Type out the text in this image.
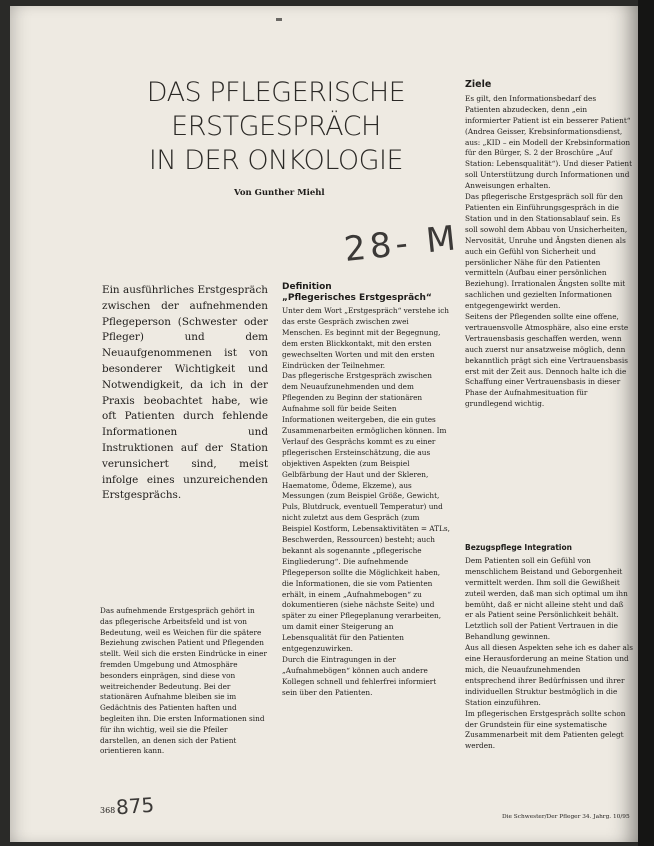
DAS PFLEGERISCHE
ERSTGESPRÄCH
IN DER ONKOLOGIE
Von Gunther Miehl
28- M
Ein ausführliches Erstgespräch zwischen der aufnehmenden Pflegeperson (Schwester oder Pfleger) und dem Neuaufgenommenen ist von besonderer Wichtigkeit und Notwendigkeit, da ich in der Praxis beobachtet habe, wie oft Patienten durch fehlende Informationen und Instruktionen auf der Station verunsichert sind, meist infolge eines unzureichenden Erstgesprächs.
Das aufnehmende Erstgespräch gehört in das pflegerische Arbeitsfeld und ist von Bedeutung, weil es Weichen für die spätere Beziehung zwischen Patient und Pflegenden stellt. Weil sich die ersten Eindrücke in einer fremden Umgebung und Atmosphäre besonders einprägen, sind diese von weitreichender Bedeutung. Bei der stationären Aufnahme bleiben sie im Gedächtnis des Patienten haften und begleiten ihn. Die ersten Informationen sind für ihn wichtig, weil sie die Pfeiler darstellen, an denen sich der Patient orientieren kann.
Definition
„Pflegerisches Erstgespräch“
Unter dem Wort „Erstgespräch“ verstehe ich das erste Gespräch zwischen zwei Menschen. Es beginnt mit der Begegnung, dem ersten Blickkontakt, mit den ersten gewechselten Worten und mit den ersten Eindrücken der Teilnehmer.
Das pflegerische Erstgespräch zwischen dem Neuaufzunehmenden und dem Pflegenden zu Beginn der stationären Aufnahme soll für beide Seiten Informationen weitergeben, die ein gutes Zusammenarbeiten ermöglichen können. Im Verlauf des Gesprächs kommt es zu einer pflegerischen Ersteinschätzung, die aus objektiven Aspekten (zum Beispiel Gelbfärbung der Haut und der Skleren, Haematome, Ödeme, Ekzeme), aus Messungen (zum Beispiel Größe, Gewicht, Puls, Blutdruck, eventuell Temperatur) und nicht zuletzt aus dem Gespräch (zum Beispiel Kostform, Lebensaktivitäten = ATLs, Beschwerden, Ressourcen) besteht; auch bekannt als sogenannte „pflegerische Eingliederung“. Die aufnehmende Pflegeperson sollte die Möglichkeit haben, die Informationen, die sie vom Patienten erhält, in einem „Aufnahmebogen“ zu dokumentieren (siehe nächste Seite) und später zu einer Pflegeplanung verarbeiten, um damit einer Steigerung an Lebensqualität für den Patienten entgegenzuwirken.
Durch die Eintragungen in der „Aufnahmebögen“ können auch andere Kollegen schnell und fehlerfrei informiert sein über den Patienten.
Ziele
Es gilt, den Informationsbedarf des Patienten abzudecken, denn „ein informierter Patient ist ein besserer Patient“ (Andrea Geisser, Krebsinformationsdienst, aus: „KID – ein Modell der Krebsinformation für den Bürger, S. 2 der Broschüre „Auf Station: Lebensqualität“). Und dieser Patient soll Unterstützung durch Informationen und Anweisungen erhalten.
Das pflegerische Erstgespräch soll für den Patienten ein Einführungsgespräch in die Station und in den Stationsablauf sein. Es soll sowohl dem Abbau von Unsicherheiten, Nervosität, Unruhe und Ängsten dienen als auch ein Gefühl von Sicherheit und persönlicher Nähe für den Patienten vermitteln (Aufbau einer persönlichen Beziehung). Irrationalen Ängsten sollte mit sachlichen und gezielten Informationen entgegengewirkt werden.
Seitens der Pflegenden sollte eine offene, vertrauensvolle Atmosphäre, also eine erste Vertrauensbasis geschaffen werden, wenn auch zuerst nur ansatzweise möglich, denn bekanntlich prägt sich eine Vertrauensbasis erst mit der Zeit aus. Dennoch halte ich die Schaffung einer Vertrauensbasis in dieser Phase der Aufnahmesituation für grundlegend wichtig.
Bezugspflege Integration
Dem Patienten soll ein Gefühl von menschlichem Beistand und Geborgenheit vermittelt werden. Ihm soll die Gewißheit zuteil werden, daß man sich optimal um ihn bemüht, daß er nicht alleine steht und daß er als Patient seine Persönlichkeit behält. Letztlich soll der Patient Vertrauen in die Behandlung gewinnen.
Aus all diesen Aspekten sehe ich es daher als eine Herausforderung an meine Station und mich, die Neuaufzunehmenden entsprechend ihrer Bedürfnissen und ihrer individuellen Struktur bestmöglich in die Station einzuführen.
Im pflegerischen Erstgespräch sollte schon der Grundstein für eine systematische Zusammenarbeit mit dem Patienten gelegt werden.
368 -
875	Die Schwester/Der Pfleger 34. Jahrg. 10/95
